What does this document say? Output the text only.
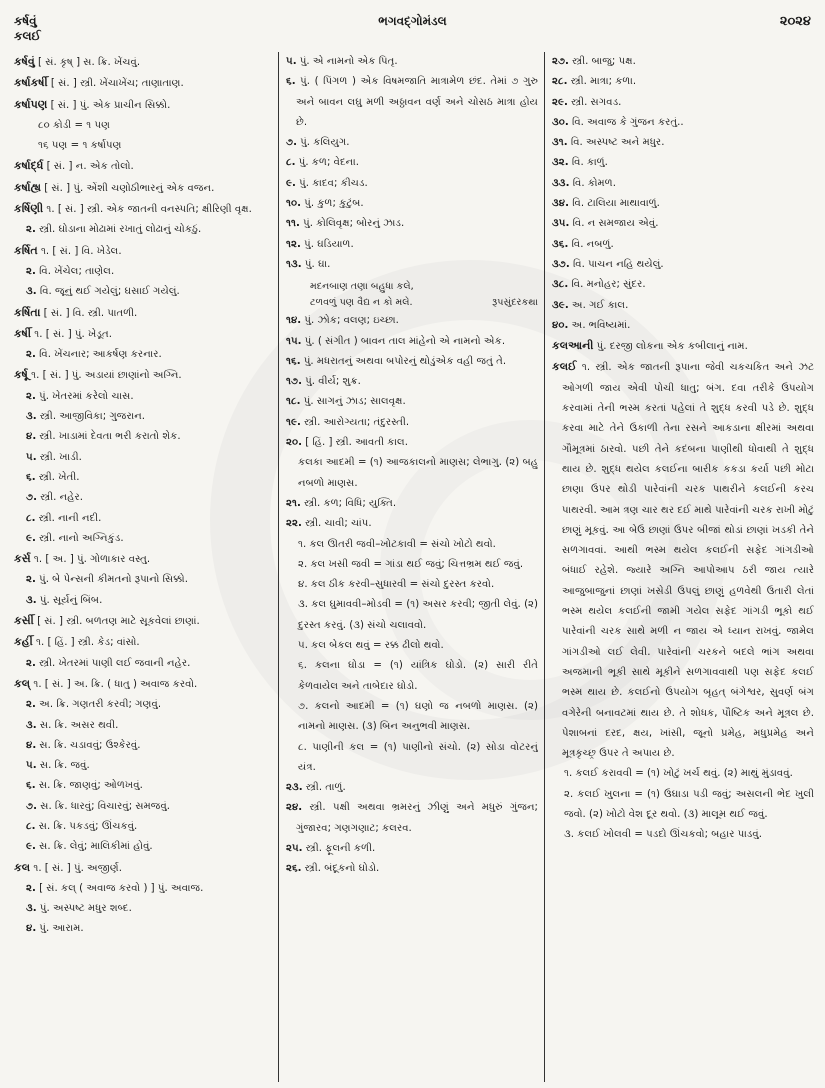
કર્ષવું
કલઈ
ભગવદ્ગોમંડલ	૨૦૨૪

કર્ષવું [ સં. કૃષ્ ] સ. ક્રિ. ખેંચવું.

કર્ષાકર્ષી [ સં. ] સ્ત્રી. ખેંચાખેંચ; તાણાતાણ.

કર્ષાપણ [ સં. ] પું. એક પ્રાચીન સિક્કો.

૮૦ કોડી = ૧ પણ

૧૬ પણ = ૧ કર્ષાપણ

કર્ષાર્દ્ધ [ સં. ] ન. એક તોલો.

કર્ષાહ્ય [ સં. ] પું. એંશી ચણોઠીભારનું એક વજન.

કર્ષિણી ૧. [ સં. ] સ્ત્રી. એક જાતની વનસ્પતિ; ક્ષીરિણી વૃક્ષ.

૨. સ્ત્રી. ઘોડાના મોઢામાં રખાતું લોઢાનું ચોકઠું.

કર્ષિત ૧. [ સં. ] વિ. ખેડેલ.

૨. વિ. ખેંચેલ; તાણેલ.

૩. વિ. જૂનું થઈ ગયેલું; ઘસાઈ ગયેલું.

કર્ષિતા [ સં. ] વિ. સ્ત્રી. પાતળી.

કર્ષી ૧. [ સં. ] પું. ખેડૂત.

૨. વિ. ખેંચનાર; આકર્ષણ કરનાર.

કર્ષૂ ૧. [ સં. ] પું. અડાયાં છાણાંનો અગ્નિ.

૨. પું. ખેતરમાં કરેલો ચાસ.

૩. સ્ત્રી. આજીવિકા; ગુજરાન.

૪. સ્ત્રી. ખાડામાં દેવતા ભરી કરાતો શેક.

૫. સ્ત્રી. ખાડી.

૬. સ્ત્રી. ખેતી.

૭. સ્ત્રી. નહેર.

૮. સ્ત્રી. નાની નદી.

૯. સ્ત્રી. નાનો અગ્નિકુંડ.

કર્સ ૧. [ અ. ] પું. ગોળાકાર વસ્તુ.

૨. પું. બે પેન્સની કીમતનો રૂપાનો સિક્કો.

૩. પું. સૂર્યનું બિંબ.

કર્સી [ સં. ] સ્ત્રી. બળતણ માટે સૂકવેલાં છાણાં.

કર્હી ૧. [ હિં. ] સ્ત્રી. કેડ; વાંસો.

૨. સ્ત્રી. ખેતરમાં પાણી લઈ જવાની નહેર.

કલ્ ૧. [ સં. ] અ. ક્રિ. ( ધાતુ ) અવાજ કરવો.

૨. અ. ક્રિ. ગણતરી કરવી; ગણવું.

૩. સ. ક્રિ. અસર થવી.

૪. સ. ક્રિ. ચડાવવું; ઉશ્કેરવું.

૫. સ. ક્રિ. જવું.

૬. સ. ક્રિ. જાણવું; ઓળખવું.

૭. સ. ક્રિ. ધારવું; વિચારવું; સમજવું.

૮. સ. ક્રિ. પકડવું; ઊંચકવું.

૯. સ. ક્રિ. લેવું; માલિકીમાં હોવું.

કલ ૧. [ સં. ] પું. અજીર્ણ.

૨. [ સં. કલ્ ( અવાજ કરવો ) ] પું. અવાજ.

૩. પું. અસ્પષ્ટ મધુર શબ્દ.

૪. પું. આરામ.

૫. પું. એ નામનો એક પિતૃ.

૬. પું. ( પિંગળ ) એક વિષમજાતિ માત્રામેળ છંદ. તેમાં ૭ ગુરુ અને બાવન લઘુ મળી અઠ્ઠાવન વર્ણ અને ચોસઠ માત્રા હોય છે.

૭. પું. કલિયુગ.

૮. પું. કળ; વેદના.

૯. પું. કાદવ; કીચડ.

૧૦. પું. કુળ; કુટુંબ.

૧૧. પું. કોલિવૃક્ષ; બોરનું ઝાડ.

૧૨. પું. ઘડિયાળ.

૧૩. પું. ઘા.

મદનબાણ તણા બહુધા કલે,
ટળવળું પણ વૈદ્ય ન કો મલે.	રૂપસુંદરકથા

૧૪. પું. ઝોક; વલણ; ઇચ્છા.

૧૫. પું. ( સંગીત ) બાવન તાલ માંહેનો એ નામનો એક.

૧૬. પું. મધરાતનું અથવા બપોરનું થોડુંએક વહી જતું તે.

૧૭. પું. વીર્ય; શુક્ર.

૧૮. પું. સાગનું ઝાડ; સાલવૃક્ષ.

૧૯. સ્ત્રી. આરોગ્યતા; તંદુરસ્તી.

૨૦. [ હિં. ] સ્ત્રી. આવતી કાલ.

કલકા આદમી = (૧) આજકાલનો માણસ; લેભાગુ. (૨) બહુ નબળો માણસ.

૨૧. સ્ત્રી. કળ; વિધિ; યુક્તિ.

૨૨. સ્ત્રી. ચાવી; ચાંપ.

૧. કલ ઊતરી જવી–ખોટકાવી = સંચો ખોટો થવો.

૨. કલ ખસી જવી = ગાંડા થઈ જવું; ચિત્તભ્રમ થઈ જવું.

૪. કલ ઠીક કરવી–સુધારવી = સંચો દુરસ્ત કરવો.

૩. કલ ઘુમાવવી–મોડવી = (૧) અસર કરવી; જીતી લેવું. (૨) દુરસ્ત કરવું. (૩) સંચો ચલાવવો.

૫. કલ બેકલ થવું = રક્ક ઢીલો થવો.

૬. કલના ઘોડા = (૧) યાંત્રિક ઘોડો. (૨) સારી રીતે કેળવાયેલ અને તાબેદાર ઘોડો.

૭. કલનો આદમી = (૧) ઘણો જ નબળો માણસ. (૨) નામનો માણસ. (૩) બિન અનુભવી માણસ.

૮. પાણીની કલ = (૧) પાણીનો સંચો. (૨) સોડા વોટરનું યંત્ર.

૨૩. સ્ત્રી. તાળું.

૨૪. સ્ત્રી. પક્ષી અથવા ભ્રમરનું ઝીણું અને મધુરું ગુંજન; ગુંજારવ; ગણગણાટ; કલરવ.

૨૫. સ્ત્રી. ફૂલની કળી.

૨૬. સ્ત્રી. બંદૂકનો ઘોડો.

૨૭. સ્ત્રી. બાજુ; પક્ષ.

૨૮. સ્ત્રી. માત્રા; કળા.

૨૯. સ્ત્રી. સગવડ.

૩૦. વિ. અવાજ કે ગુંજન કરતું..

૩૧. વિ. અસ્પષ્ટ અને મધુર.

૩૨. વિ. કાળું.

૩૩. વિ. કોમળ.

૩૪. વિ. ટાલિયા માથાવાળું.

૩૫. વિ. ન સમજાય એવું.

૩૬. વિ. નબળું.

૩૭. વિ. પાચન નહિ થયેલું.

૩૮. વિ. મનોહર; સુંદર.

૩૯. અ. ગઈ કાલ.

૪૦. અ. ભવિષ્યમાં.

કલઆની પું. દરજી લોકના એક કબીલાનું નામ.

કલઈ ૧. સ્ત્રી. એક જાતની રૂપાના જેવી ચકચકિત અને ઝટ ઓગળી જાય એવી પોચી ધાતુ; બંગ. દવા તરીકે ઉપયોગ કરવામાં તેની ભસ્મ કરતાં પહેલાં તે શુદ્ધ કરવી પડે છે. શુદ્ધ કરવા માટે તેને ઉકાળી તેના રસને આકડાના ક્ષીરમાં અથવા ગૌમૂત્રમાં ઠારવો. પછી તેને કદંબના પાણીથી ધોવાથી તે શુદ્ધ થાય છે. શુદ્ધ થયેલ કલઈના બારીક કકડા કર્યા પછી મોટા છાણા ઉપર થોડી પારેવાંની ચરક પાથરીને કલઈની કરચ પાથરવી. આમ ત્રણ ચાર થર દઈ માથે પારેવાંની ચરક રાખી મોટું છાણું મૂકવું. આ બેઉ છાણાં ઉપર બીજાં થોડાં છાણાં ખડકી તેને સળગાવવાં. આથી ભસ્મ થયેલ કલઈની સફેદ ગાંગડીઓ બંધાઈ રહેશે. જ્યારે અગ્નિ આપોઆપ ઠરી જાય ત્યારે આજુબાજુનાં છાણાં ખસેડી ઉપલું છાણું હળવેથી ઉતારી લેતાં ભસ્મ થયેલ કલઈની જામી ગયેલ સફેદ ગાંગડી ભૂકો થઈ પારેવાંની ચરક સાથે મળી ન જાય એ ધ્યાન રાખવું. જામેલ ગાંગડીઓ લઈ લેવી. પારેવાંની ચરકને બદલે ભાંગ અથવા અજમાની ભૂકી સાથે મૂકીને સળગાવવાથી પણ સફેદ કલઈ ભસ્મ થાય છે. કલઈનો ઉપયોગ બૃહત્ બંગેશ્વર, સુવર્ણ બંગ વગેરેની બનાવટમાં થાય છે. તે શોધક, પૌષ્ટિક અને મૂત્રલ છે. પેશાબનાં દરદ, ક્ષય, ખાંસી, જૂનો પ્રમેહ, મધુપ્રમેહ અને મૂત્રકૃચ્છ્ર ઉપર તે અપાય છે.

૧. કલઈ કરાવવી = (૧) ખોટું ખર્ચ થવું. (૨) માથું મુંડાવવું.

૨. કલઈ ખુલના = (૧) ઉઘાડા પડી જવું; અસલની ભેદ ખુલી જવો. (૨) ખોટો વેશ દૂર થવો. (૩) માલૂમ થઈ જવું.

૩. કલઈ ખોલવી = પડદો ઊંચકવો; બહાર પાડવું.
